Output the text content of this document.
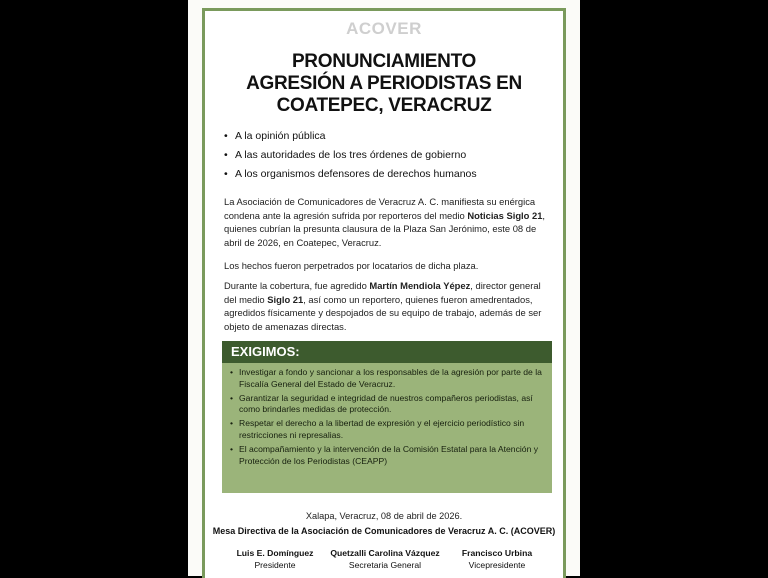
ACOVER
PRONUNCIAMIENTO
AGRESIÓN A PERIODISTAS EN
COATEPEC, VERACRUZ
• A la opinión pública
• A las autoridades de los tres órdenes de gobierno
• A los organismos defensores de derechos humanos

La Asociación de Comunicadores de Veracruz A. C. manifiesta su enérgica condena ante la agresión sufrida por reporteros del medio Noticias Siglo 21, quienes cubrían la presunta clausura de la Plaza San Jerónimo, este 08 de abril de 2026, en Coatepec, Veracruz.

Los hechos fueron perpetrados por locatarios de dicha plaza.

Durante la cobertura, fue agredido Martín Mendiola Yépez, director general del medio Siglo 21, así como un reportero, quienes fueron amedrentados, agredidos físicamente y despojados de su equipo de trabajo, además de ser objeto de amenazas directas.

EXIGIMOS:
• Investigar a fondo y sancionar a los responsables de la agresión por parte de la Fiscalía General del Estado de Veracruz.
• Garantizar la seguridad e integridad de nuestros compañeros periodistas, así como brindarles medidas de protección.
• Respetar el derecho a la libertad de expresión y el ejercicio periodístico sin restricciones ni represalias.
• El acompañamiento y la intervención de la Comisión Estatal para la Atención y Protección de los Periodistas (CEAPP)
Xalapa, Veracruz, 08 de abril de 2026.
Mesa Directiva de la Asociación de Comunicadores de Veracruz A. C. (ACOVER)
Luis E. Domínguez
Presidente
Quetzalli Carolina Vázquez
Secretaria General
Francisco Urbina
Vicepresidente
